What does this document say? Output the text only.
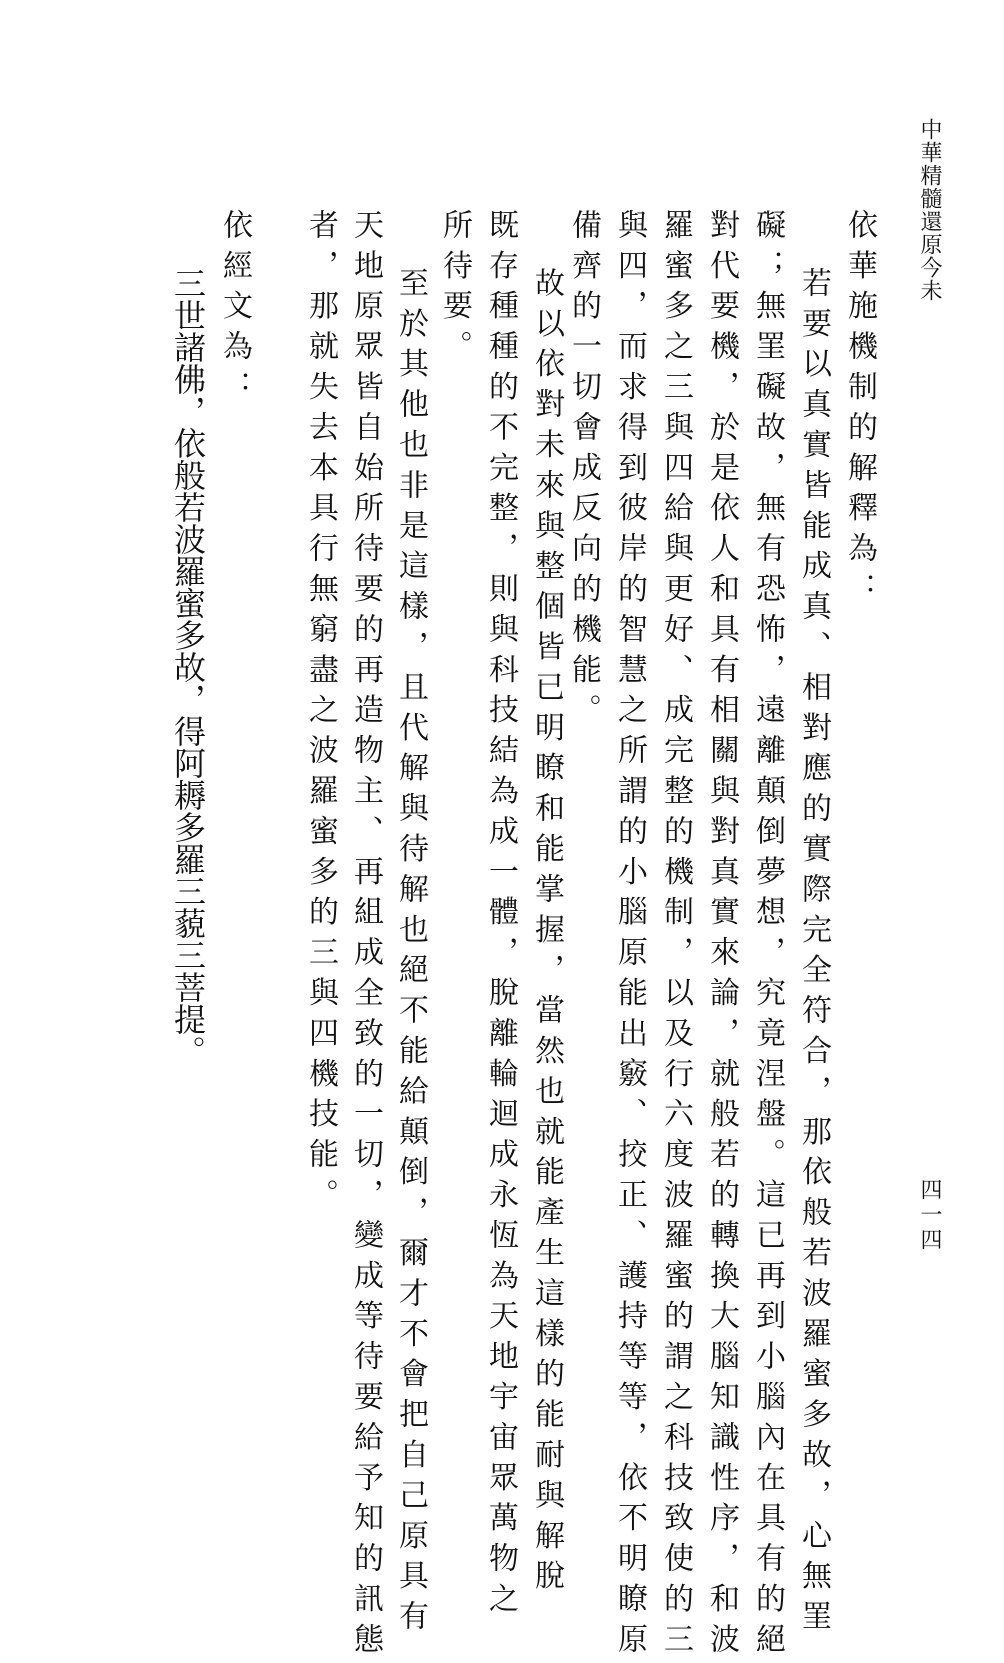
中華精髓還原今未
四一四
依華施機制的解釋為：
若要以真實皆能成真、相對應的實際完全符合，那依般若波羅蜜多故，心無罣
礙；無罣礙故，無有恐怖，遠離顛倒夢想，究竟涅盤。這已再到小腦內在具有的絕
對代要機，於是依人和具有相關與對真實來論，就般若的轉換大腦知識性序，和波
羅蜜多之三與四給與更好、成完整的機制，以及行六度波羅蜜的謂之科技致使的三
與四，而求得到彼岸的智慧之所謂的小腦原能出竅、挍正、護持等等，依不明瞭原
備齊的一切會成反向的機能。
故以依對未來與整個皆已明瞭和能掌握，當然也就能產生這樣的能耐與解脫
既存種種的不完整，則與科技結為成一體，脫離輪迴成永恆為天地宇宙眾萬物之
所待要。
至於其他也非是這樣，且代解與待解也絕不能給顛倒，爾才不會把自己原具有
天地原眾皆自始所待要的再造物主、再組成全致的一切，變成等待要給予知的訊態
者，那就失去本具行無窮盡之波羅蜜多的三與四機技能。
依經文為：
三世諸佛，依般若波羅蜜多故，得阿耨多羅三藐三菩提。
